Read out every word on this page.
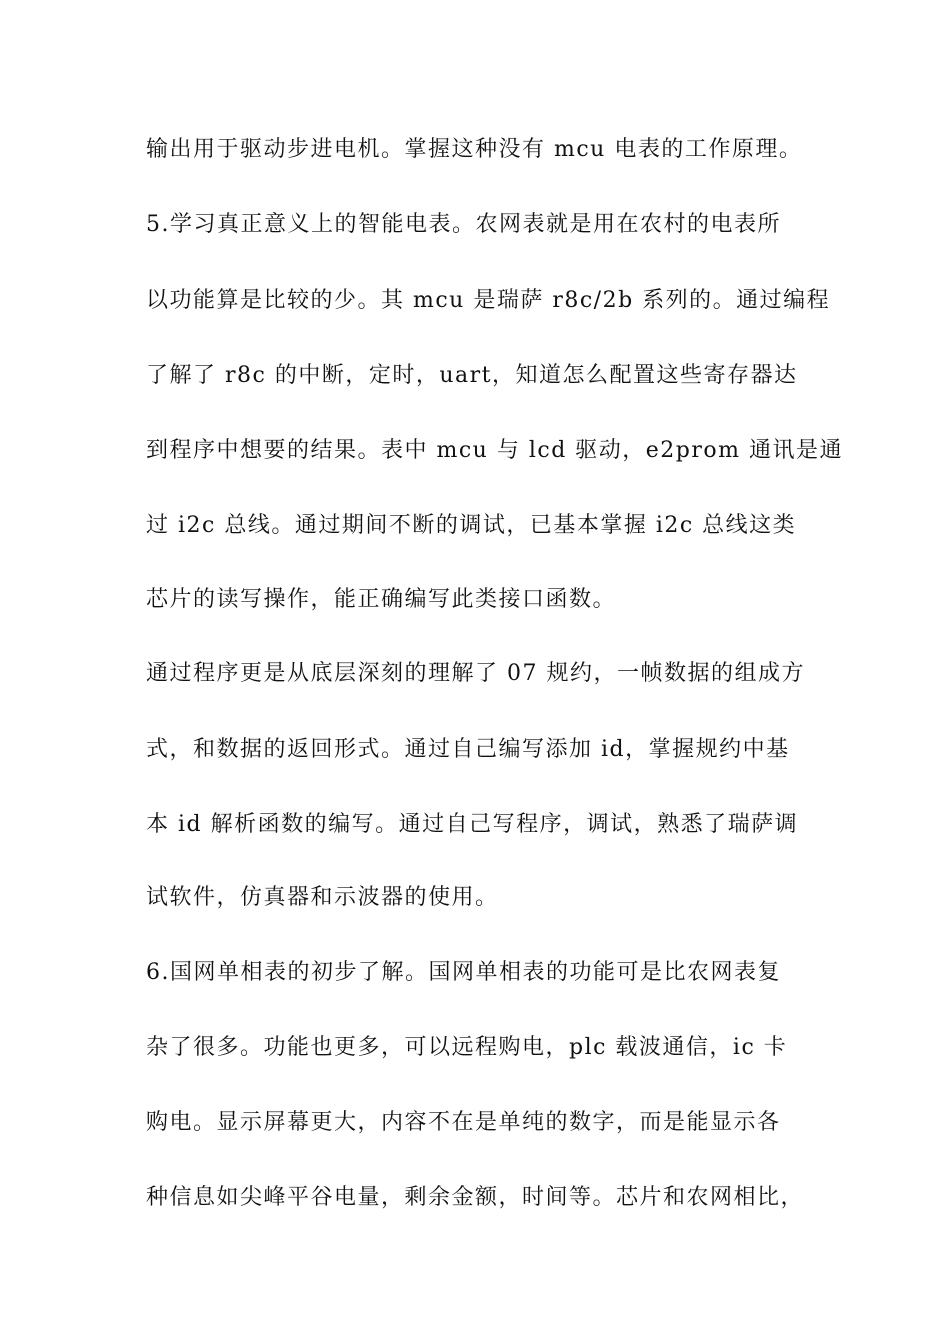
输出用于驱动步进电机。掌握这种没有 mcu 电表的工作原理。
5.学习真正意义上的智能电表。农网表就是用在农村的电表所
以功能算是比较的少。其 mcu 是瑞萨 r8c/2b 系列的。通过编程
了解了 r8c 的中断，定时，uart，知道怎么配置这些寄存器达
到程序中想要的结果。表中 mcu 与 lcd 驱动，e2prom 通讯是通
过 i2c 总线。通过期间不断的调试，已基本掌握 i2c 总线这类
芯片的读写操作，能正确编写此类接口函数。
通过程序更是从底层深刻的理解了 07 规约，一帧数据的组成方
式，和数据的返回形式。通过自己编写添加 id，掌握规约中基
本 id 解析函数的编写。通过自己写程序，调试，熟悉了瑞萨调
试软件，仿真器和示波器的使用。
6.国网单相表的初步了解。国网单相表的功能可是比农网表复
杂了很多。功能也更多，可以远程购电，plc 载波通信，ic 卡
购电。显示屏幕更大，内容不在是单纯的数字，而是能显示各
种信息如尖峰平谷电量，剩余金额，时间等。芯片和农网相比，
